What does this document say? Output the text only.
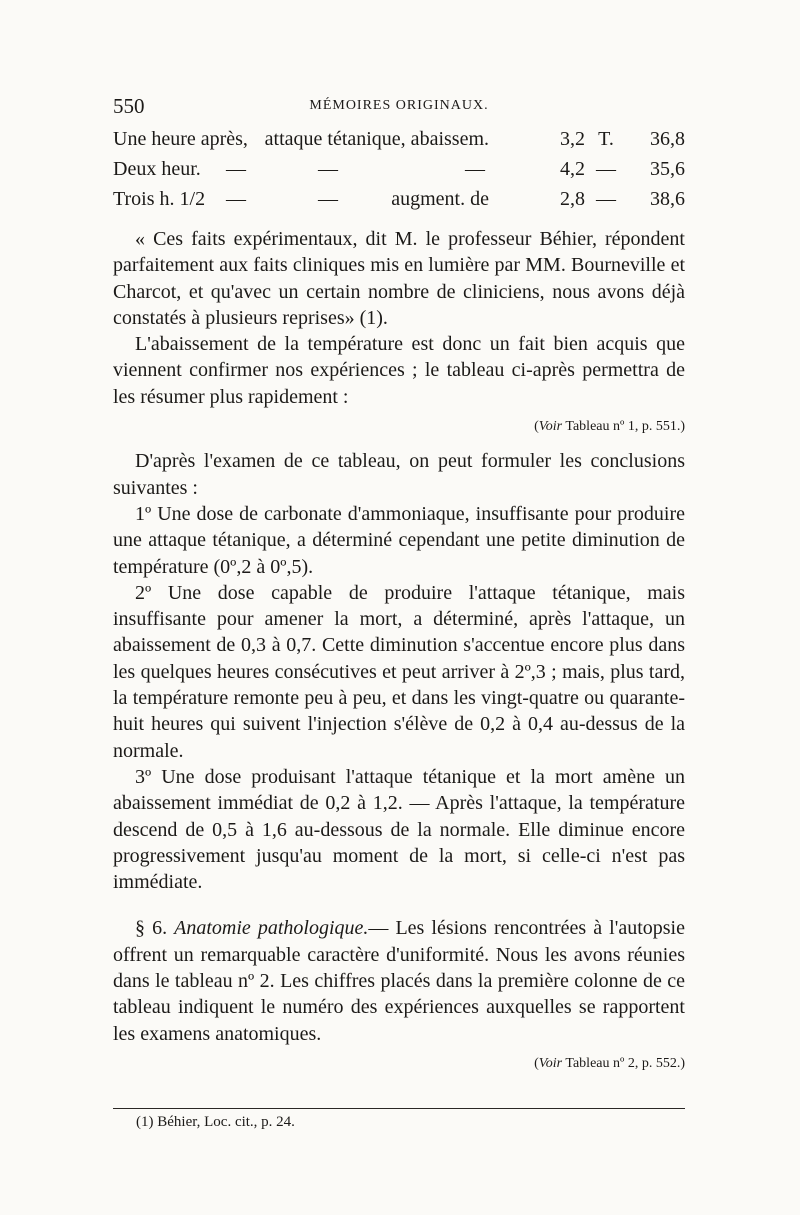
550	MÉMOIRES ORIGINAUX.
Une heure après, attaque tétanique, abaissem.	3,2 T.	36,8
Deux heur. —	—	—	4,2 —	35,6
Trois h. 1/2 —	—	augment. de	2,8 —	38,6

« Ces faits expérimentaux, dit M. le professeur Béhier, répondent parfaitement aux faits cliniques mis en lumière par MM. Bourneville et Charcot, et qu'avec un certain nombre de cliniciens, nous avons déjà constatés à plusieurs reprises» (1).

L'abaissement de la température est donc un fait bien acquis que viennent confirmer nos expériences ; le tableau ci-après permettra de les résumer plus rapidement :

(Voir Tableau nº 1, p. 551.)

D'après l'examen de ce tableau, on peut formuler les conclusions suivantes :

1º Une dose de carbonate d'ammoniaque, insuffisante pour produire une attaque tétanique, a déterminé cependant une petite diminution de température (0º,2 à 0º,5).

2º Une dose capable de produire l'attaque tétanique, mais insuffisante pour amener la mort, a déterminé, après l'attaque, un abaissement de 0,3 à 0,7. Cette diminution s'accentue encore plus dans les quelques heures consécutives et peut arriver à 2º,3 ; mais, plus tard, la température remonte peu à peu, et dans les vingt-quatre ou quarante-huit heures qui suivent l'injection s'élève de 0,2 à 0,4 au-dessus de la normale.

3º Une dose produisant l'attaque tétanique et la mort amène un abaissement immédiat de 0,2 à 1,2. — Après l'attaque, la température descend de 0,5 à 1,6 au-dessous de la normale. Elle diminue encore progressivement jusqu'au moment de la mort, si celle-ci n'est pas immédiate.

§ 6. Anatomie pathologique.— Les lésions rencontrées à l'autopsie offrent un remarquable caractère d'uniformité. Nous les avons réunies dans le tableau nº 2. Les chiffres placés dans la première colonne de ce tableau indiquent le numéro des expériences auxquelles se rapportent les examens anatomiques.

(Voir Tableau nº 2, p. 552.)
(1) Béhier, Loc. cit., p. 24.
